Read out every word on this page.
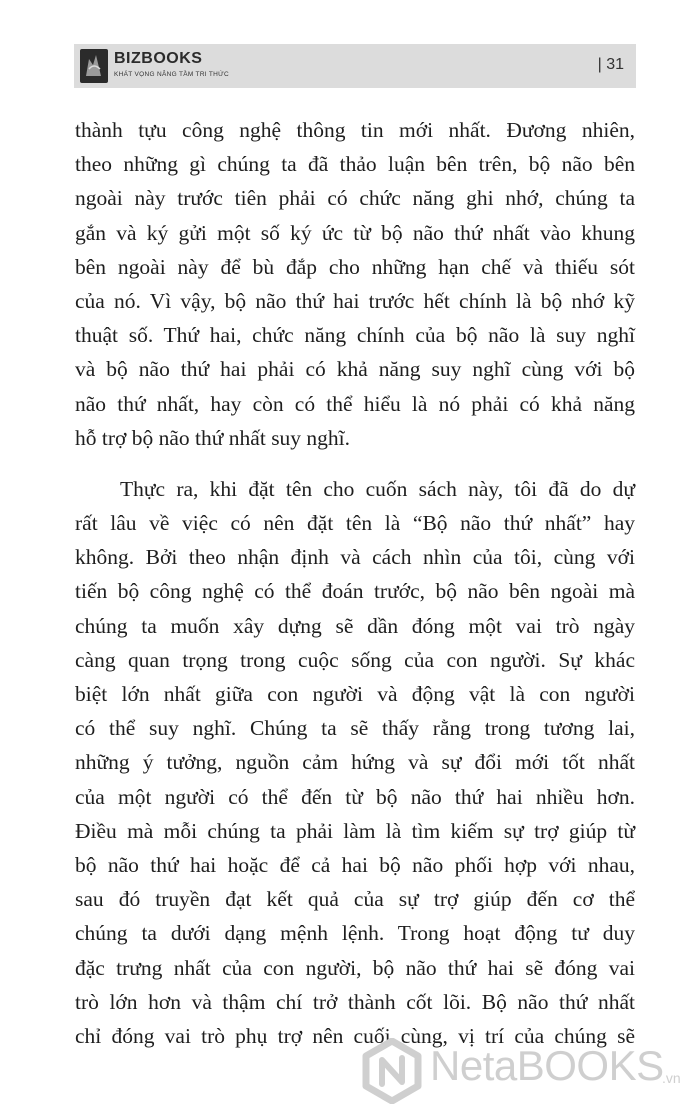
BIZBOOKS
KHÁT VỌNG NÂNG TẦM TRI THỨC
| 31
thành tựu công nghệ thông tin mới nhất. Đương nhiên,
theo những gì chúng ta đã thảo luận bên trên, bộ não bên
ngoài này trước tiên phải có chức năng ghi nhớ, chúng ta
gắn và ký gửi một số ký ức từ bộ não thứ nhất vào khung
bên ngoài này để bù đắp cho những hạn chế và thiếu sót
của nó. Vì vậy, bộ não thứ hai trước hết chính là bộ nhớ kỹ
thuật số. Thứ hai, chức năng chính của bộ não là suy nghĩ
và bộ não thứ hai phải có khả năng suy nghĩ cùng với bộ
não thứ nhất, hay còn có thể hiểu là nó phải có khả năng
hỗ trợ bộ não thứ nhất suy nghĩ.
Thực ra, khi đặt tên cho cuốn sách này, tôi đã do dự
rất lâu về việc có nên đặt tên là “Bộ não thứ nhất” hay
không. Bởi theo nhận định và cách nhìn của tôi, cùng với
tiến bộ công nghệ có thể đoán trước, bộ não bên ngoài mà
chúng ta muốn xây dựng sẽ dần đóng một vai trò ngày
càng quan trọng trong cuộc sống của con người. Sự khác
biệt lớn nhất giữa con người và động vật là con người
có thể suy nghĩ. Chúng ta sẽ thấy rằng trong tương lai,
những ý tưởng, nguồn cảm hứng và sự đổi mới tốt nhất
của một người có thể đến từ bộ não thứ hai nhiều hơn.
Điều mà mỗi chúng ta phải làm là tìm kiếm sự trợ giúp từ
bộ não thứ hai hoặc để cả hai bộ não phối hợp với nhau,
sau đó truyền đạt kết quả của sự trợ giúp đến cơ thể
chúng ta dưới dạng mệnh lệnh. Trong hoạt động tư duy
đặc trưng nhất của con người, bộ não thứ hai sẽ đóng vai
trò lớn hơn và thậm chí trở thành cốt lõi. Bộ não thứ nhất
chỉ đóng vai trò phụ trợ nên cuối cùng, vị trí của chúng sẽ
NetaBOOKS
.vn
